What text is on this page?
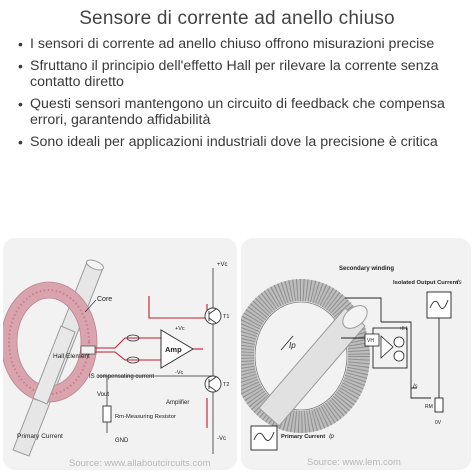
Sensore di corrente ad anello chiuso
• I sensori di corrente ad anello chiuso offrono misurazioni precise
• Sfruttano il principio dell'effetto Hall per rilevare la corrente senza contatto diretto
• Questi sensori mantengono un circuito di feedback che compensa errori, garantendo affidabilità
• Sono ideali per applicazioni industriali dove la precisione è critica
Core
Hall Element
IS compensating current
Primary Current
Amp
+Vc
-Vc
Amplifier
T1
T2
+Vc
-Vc
Vout
Rm-Measuring Resistor
GND
Source: www.allaboutcircuits.com
Ip
Secondary winding
Isolated Output Current
Is
VH
+IH
Is
RM
0V
Primary Current Ip
Source: www.lem.com
